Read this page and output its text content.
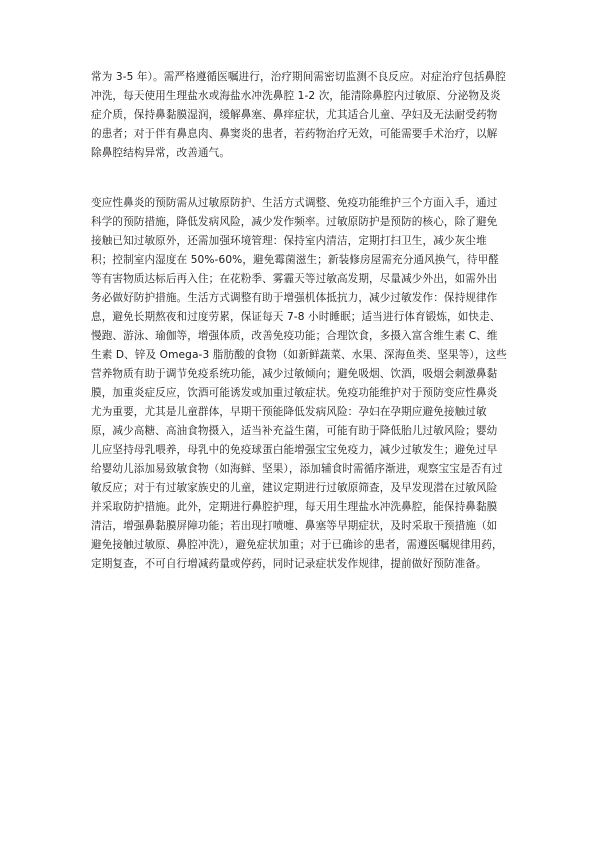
常为 3-5 年）。需严格遵循医嘱进行，治疗期间需密切监测不良反应。对症治疗包括鼻腔冲洗，每天使用生理盐水或海盐水冲洗鼻腔 1-2 次，能清除鼻腔内过敏原、分泌物及炎症介质，保持鼻黏膜湿润，缓解鼻塞、鼻痒症状，尤其适合儿童、孕妇及无法耐受药物的患者；对于伴有鼻息肉、鼻窦炎的患者，若药物治疗无效，可能需要手术治疗，以解除鼻腔结构异常，改善通气。

变应性鼻炎的预防需从过敏原防护、生活方式调整、免疫功能维护三个方面入手，通过科学的预防措施，降低发病风险，减少发作频率。过敏原防护是预防的核心，除了避免接触已知过敏原外，还需加强环境管理：保持室内清洁，定期打扫卫生，减少灰尘堆积；控制室内湿度在 50%-60%，避免霉菌滋生；新装修房屋需充分通风换气，待甲醛等有害物质达标后再入住；在花粉季、雾霾天等过敏高发期，尽量减少外出，如需外出务必做好防护措施。生活方式调整有助于增强机体抵抗力，减少过敏发作：保持规律作息，避免长期熬夜和过度劳累，保证每天 7-8 小时睡眠；适当进行体育锻炼，如快走、慢跑、游泳、瑜伽等，增强体质，改善免疫功能；合理饮食，多摄入富含维生素 C、维生素 D、锌及 Omega-3 脂肪酸的食物（如新鲜蔬菜、水果、深海鱼类、坚果等），这些营养物质有助于调节免疫系统功能，减少过敏倾向；避免吸烟、饮酒，吸烟会刺激鼻黏膜，加重炎症反应，饮酒可能诱发或加重过敏症状。免疫功能维护对于预防变应性鼻炎尤为重要，尤其是儿童群体，早期干预能降低发病风险：孕妇在孕期应避免接触过敏原，减少高糖、高油食物摄入，适当补充益生菌，可能有助于降低胎儿过敏风险；婴幼儿应坚持母乳喂养，母乳中的免疫球蛋白能增强宝宝免疫力，减少过敏发生；避免过早给婴幼儿添加易致敏食物（如海鲜、坚果），添加辅食时需循序渐进，观察宝宝是否有过敏反应；对于有过敏家族史的儿童，建议定期进行过敏原筛查，及早发现潜在过敏风险并采取防护措施。此外，定期进行鼻腔护理，每天用生理盐水冲洗鼻腔，能保持鼻黏膜清洁，增强鼻黏膜屏障功能；若出现打喷嚏、鼻塞等早期症状，及时采取干预措施（如避免接触过敏原、鼻腔冲洗），避免症状加重；对于已确诊的患者，需遵医嘱规律用药，定期复查，不可自行增减药量或停药，同时记录症状发作规律，提前做好预防准备。
